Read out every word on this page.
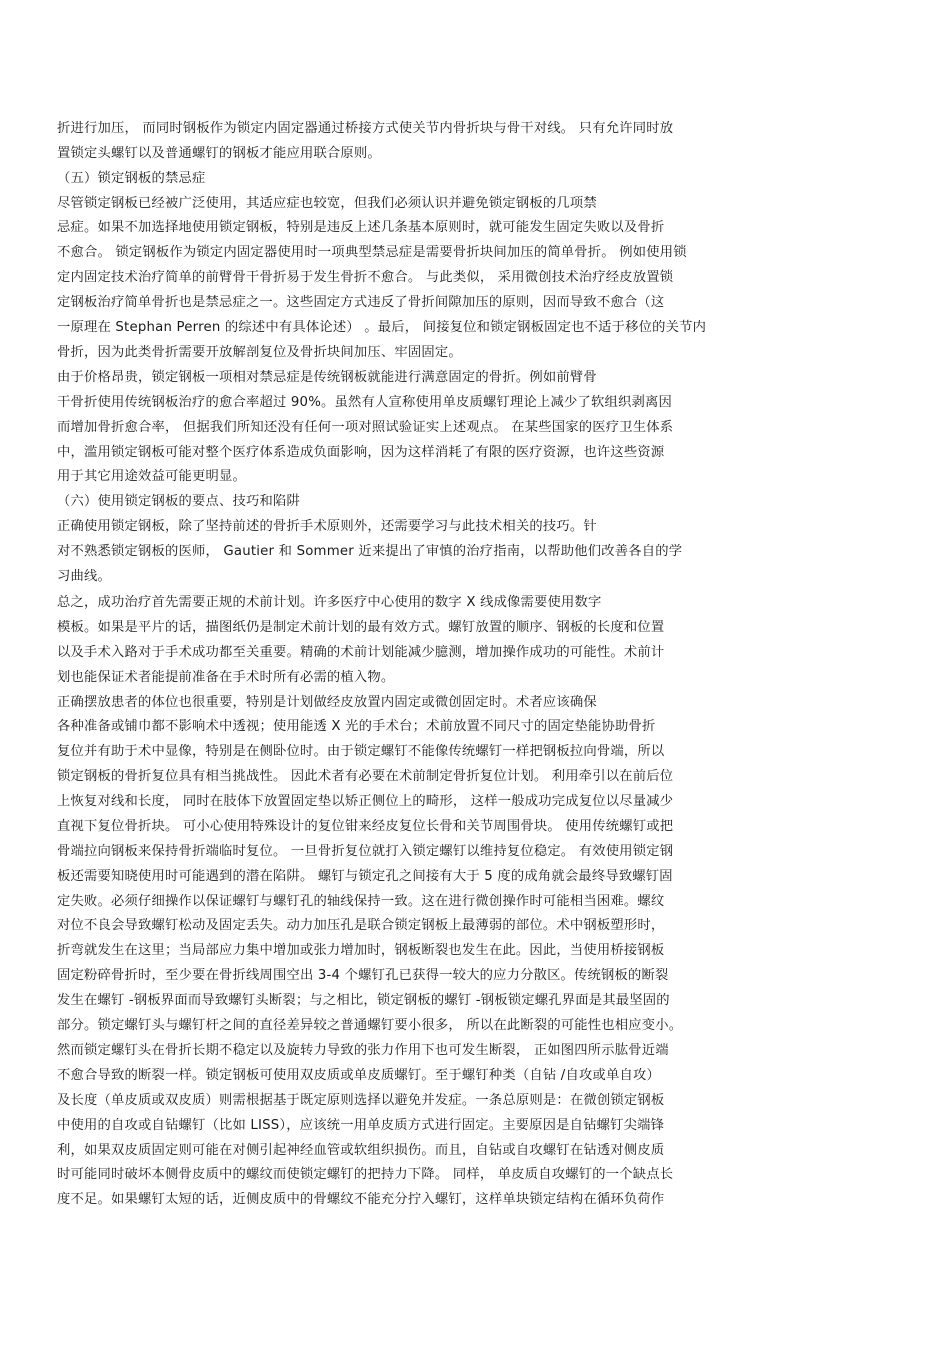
折进行加压， 而同时钢板作为锁定内固定器通过桥接方式使关节内骨折块与骨干对线。 只有允许同时放
置锁定头螺钉以及普通螺钉的钢板才能应用联合原则。
（五）锁定钢板的禁忌症
尽管锁定钢板已经被广泛使用，其适应症也较宽，但我们必须认识并避免锁定钢板的几项禁
忌症。如果不加选择地使用锁定钢板，特别是违反上述几条基本原则时，就可能发生固定失败以及骨折
不愈合。 锁定钢板作为锁定内固定器使用时一项典型禁忌症是需要骨折块间加压的简单骨折。 例如使用锁
定内固定技术治疗简单的前臂骨干骨折易于发生骨折不愈合。 与此类似， 采用微创技术治疗经皮放置锁
定钢板治疗简单骨折也是禁忌症之一。这些固定方式违反了骨折间隙加压的原则，因而导致不愈合（这
一原理在 Stephan Perren 的综述中有具体论述） 。最后， 间接复位和锁定钢板固定也不适于移位的关节内
骨折，因为此类骨折需要开放解剖复位及骨折块间加压、牢固固定。
由于价格昂贵，锁定钢板一项相对禁忌症是传统钢板就能进行满意固定的骨折。例如前臂骨
干骨折使用传统钢板治疗的愈合率超过 90%。虽然有人宣称使用单皮质螺钉理论上减少了软组织剥离因
而增加骨折愈合率， 但据我们所知还没有任何一项对照试验证实上述观点。 在某些国家的医疗卫生体系
中，滥用锁定钢板可能对整个医疗体系造成负面影响，因为这样消耗了有限的医疗资源，也许这些资源
用于其它用途效益可能更明显。
（六）使用锁定钢板的要点、技巧和陷阱
正确使用锁定钢板，除了坚持前述的骨折手术原则外，还需要学习与此技术相关的技巧。针
对不熟悉锁定钢板的医师， Gautier 和 Sommer 近来提出了审慎的治疗指南，以帮助他们改善各自的学
习曲线。
总之，成功治疗首先需要正规的术前计划。许多医疗中心使用的数字 X 线成像需要使用数字
模板。如果是平片的话，描图纸仍是制定术前计划的最有效方式。螺钉放置的顺序、钢板的长度和位置
以及手术入路对于手术成功都至关重要。精确的术前计划能减少臆测，增加操作成功的可能性。术前计
划也能保证术者能提前准备在手术时所有必需的植入物。
正确摆放患者的体位也很重要，特别是计划做经皮放置内固定或微创固定时。术者应该确保
各种准备或铺巾都不影响术中透视；使用能透 X 光的手术台；术前放置不同尺寸的固定垫能协助骨折
复位并有助于术中显像，特别是在侧卧位时。由于锁定螺钉不能像传统螺钉一样把钢板拉向骨端，所以
锁定钢板的骨折复位具有相当挑战性。 因此术者有必要在术前制定骨折复位计划。 利用牵引以在前后位
上恢复对线和长度， 同时在肢体下放置固定垫以矫正侧位上的畸形， 这样一般成功完成复位以尽量减少
直视下复位骨折块。 可小心使用特殊设计的复位钳来经皮复位长骨和关节周围骨块。 使用传统螺钉或把
骨端拉向钢板来保持骨折端临时复位。 一旦骨折复位就打入锁定螺钉以维持复位稳定。 有效使用锁定钢
板还需要知晓使用时可能遇到的潜在陷阱。 螺钉与锁定孔之间接有大于 5 度的成角就会最终导致螺钉固
定失败。必须仔细操作以保证螺钉与螺钉孔的轴线保持一致。这在进行微创操作时可能相当困难。螺纹
对位不良会导致螺钉松动及固定丢失。动力加压孔是联合锁定钢板上最薄弱的部位。术中钢板塑形时，
折弯就发生在这里；当局部应力集中增加或张力增加时，钢板断裂也发生在此。因此，当使用桥接钢板
固定粉碎骨折时，至少要在骨折线周围空出 3-4 个螺钉孔已获得一较大的应力分散区。传统钢板的断裂
发生在螺钉 -钢板界面而导致螺钉头断裂；与之相比，锁定钢板的螺钉 -钢板锁定螺孔界面是其最坚固的
部分。锁定螺钉头与螺钉杆之间的直径差异较之普通螺钉要小很多， 所以在此断裂的可能性也相应变小。
然而锁定螺钉头在骨折长期不稳定以及旋转力导致的张力作用下也可发生断裂， 正如图四所示肱骨近端
不愈合导致的断裂一样。锁定钢板可使用双皮质或单皮质螺钉。至于螺钉种类（自钻 /自攻或单自攻）
及长度（单皮质或双皮质）则需根据基于既定原则选择以避免并发症。一条总原则是：在微创锁定钢板
中使用的自攻或自钻螺钉（比如 LISS），应该统一用单皮质方式进行固定。主要原因是自钻螺钉尖端锋
利，如果双皮质固定则可能在对侧引起神经血管或软组织损伤。而且，自钻或自攻螺钉在钻透对侧皮质
时可能同时破坏本侧骨皮质中的螺纹而使锁定螺钉的把持力下降。 同样， 单皮质自攻螺钉的一个缺点长
度不足。如果螺钉太短的话，近侧皮质中的骨螺纹不能充分拧入螺钉，这样单块锁定结构在循环负荷作
